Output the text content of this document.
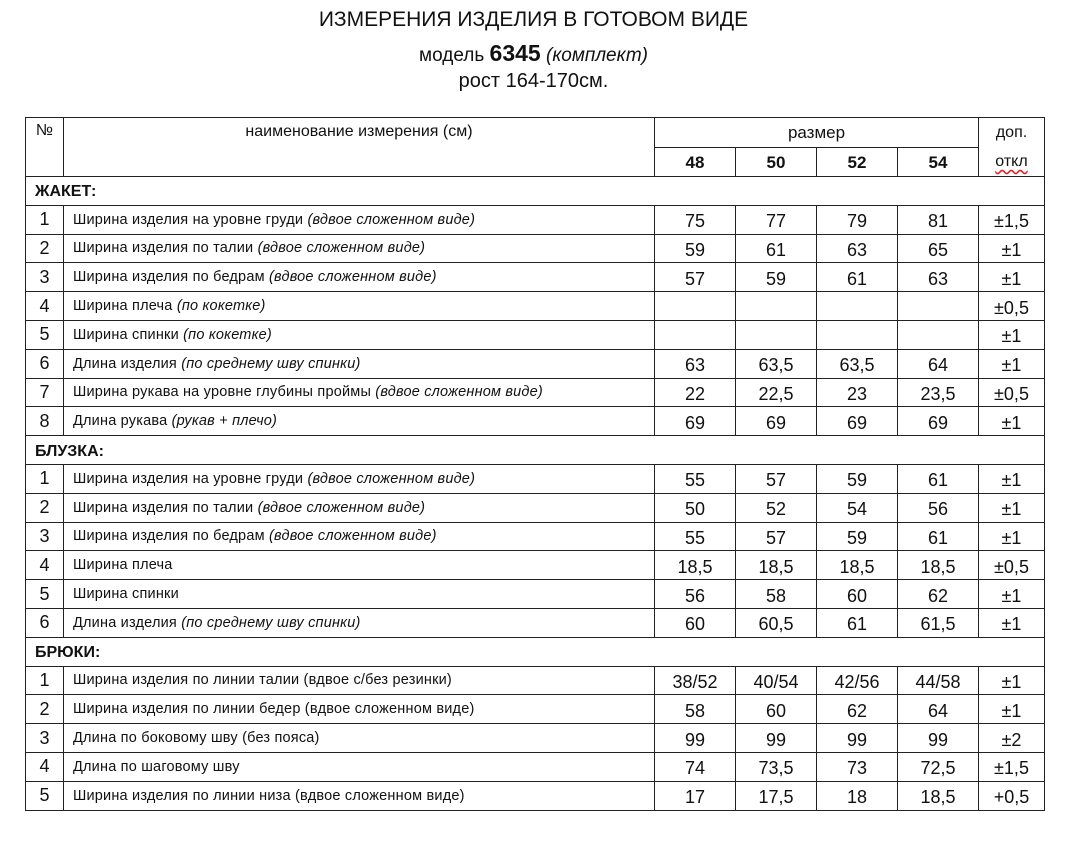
ИЗМЕРЕНИЯ ИЗДЕЛИЯ В ГОТОВОМ ВИДЕ
модель 6345 (комплект)
рост 164-170см.
№	наименование измерения (см)	размер				доп.
откл
		48	50	52	54	
ЖАКЕТ:						
1	Ширина изделия на уровне груди (вдвое сложенном виде)	75	77	79	81	±1,5
2	Ширина изделия по талии (вдвое сложенном виде)	59	61	63	65	±1
3	Ширина изделия по бедрам (вдвое сложенном виде)	57	59	61	63	±1
4	Ширина плеча (по кокетке)					±0,5
5	Ширина спинки (по кокетке)					±1
6	Длина изделия (по среднему шву спинки)	63	63,5	63,5	64	±1
7	Ширина рукава на уровне глубины проймы (вдвое сложенном виде)	22	22,5	23	23,5	±0,5
8	Длина рукава (рукав + плечо)	69	69	69	69	±1
БЛУЗКА:						
1	Ширина изделия на уровне груди (вдвое сложенном виде)	55	57	59	61	±1
2	Ширина изделия по талии (вдвое сложенном виде)	50	52	54	56	±1
3	Ширина изделия по бедрам (вдвое сложенном виде)	55	57	59	61	±1
4	Ширина плеча	18,5	18,5	18,5	18,5	±0,5
5	Ширина спинки	56	58	60	62	±1
6	Длина изделия (по среднему шву спинки)	60	60,5	61	61,5	±1
БРЮКИ:						
1	Ширина изделия по линии талии (вдвое с/без резинки)	38/52	40/54	42/56	44/58	±1
2	Ширина изделия по линии бедер (вдвое сложенном виде)	58	60	62	64	±1
3	Длина по боковому шву (без пояса)	99	99	99	99	±2
4	Длина по шаговому шву	74	73,5	73	72,5	±1,5
5	Ширина изделия по линии низа (вдвое сложенном виде)	17	17,5	18	18,5	+0,5
